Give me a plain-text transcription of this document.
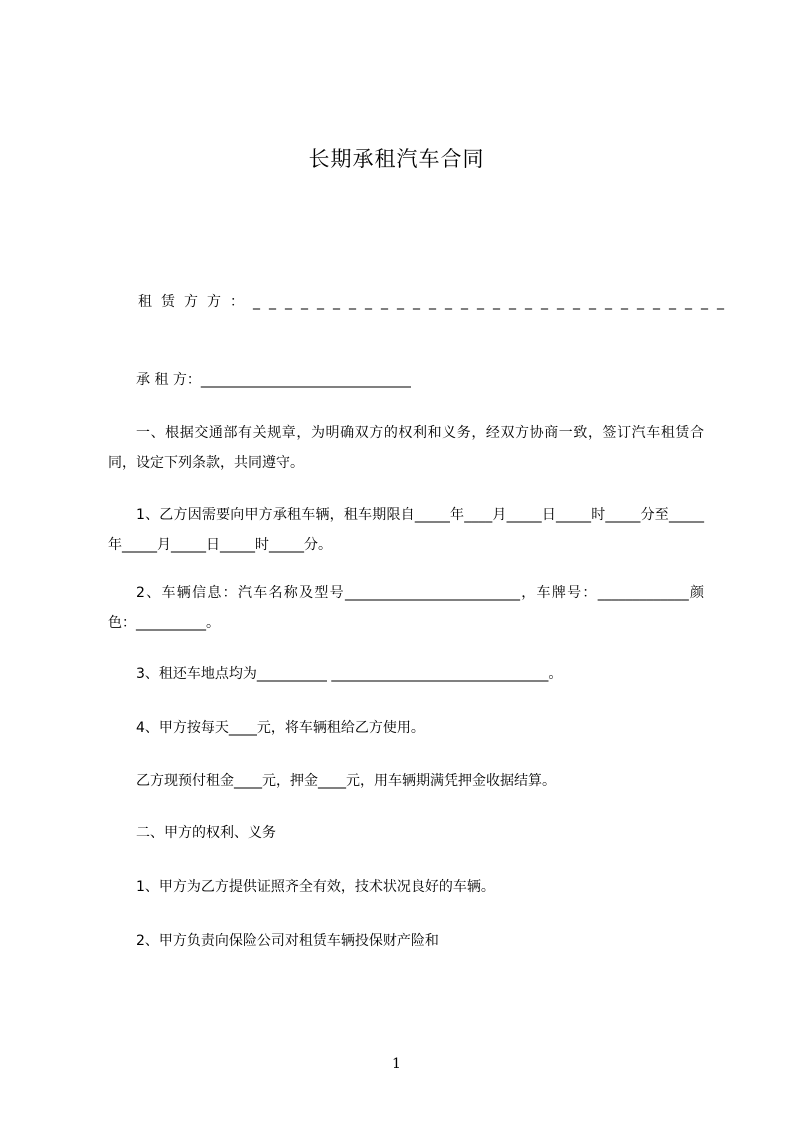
长期承租汽车合同
租赁方方：______________________________
承 租 方：______________________________
一、根据交通部有关规章，为明确双方的权利和义务，经双方协商一致，签订汽车租赁合同，设定下列条款，共同遵守。
1、乙方因需要向甲方承租车辆，租车期限自_____年____月_____日_____时_____分至_____年_____月_____日_____时_____分。
2、车辆信息：汽车名称及型号_________________________，车牌号：_____________颜色：__________。
3、租还车地点均为__________ _______________________________。
4、甲方按每天____元，将车辆租给乙方使用。
乙方现预付租金____元，押金____元，用车辆期满凭押金收据结算。
二、甲方的权利、义务
1、甲方为乙方提供证照齐全有效，技术状况良好的车辆。
2、甲方负责向保险公司对租赁车辆投保财产险和
1
